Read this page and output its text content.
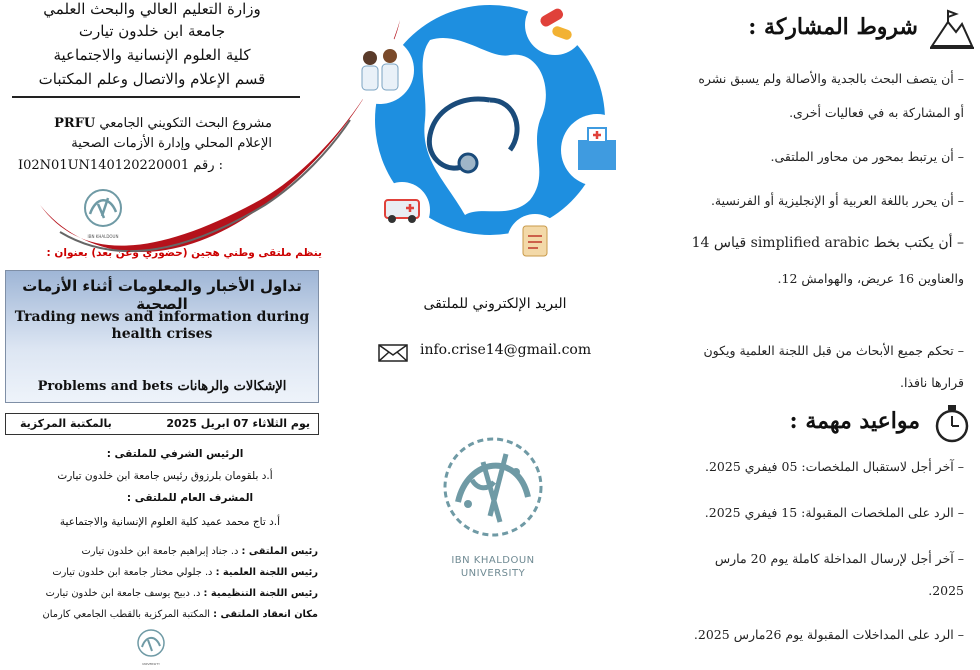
وزارة التعليم العالي والبحث العلمي
جامعة ابن خلدون تيارت
كلية العلوم الإنسانية والاجتماعية
قسم الإعلام والاتصال وعلم المكتبات
مشروع البحث التكويني الجامعي PRFU
الإعلام المحلي وإدارة الأزمات الصحية
I02N01UN140120220001 رقم :
IBN KHALDOUN
ينظم ملتقى وطني هجين (حضوري وعن بعد) بعنوان :
تداول الأخبار والمعلومات أثناء الأزمات الصحية
Trading news and information during health crises
Problems and bets الإشكالات والرهانات
يوم الثلاثاء 07 ابريل 2025
بالمكتبة المركزية
الرئيس الشرفي للملتقى :
أ.د بلقومان بلرزوق رئيس جامعة ابن خلدون تيارت
المشرف العام للملتقى :
أ.د تاج محمد عميد كلية العلوم الإنسانية والاجتماعية
رئيس الملتقى : د. جناد إبراهيم جامعة ابن خلدون تيارت
رئيس اللجنة العلمية : د. جلولي مختار جامعة ابن خلدون تيارت
رئيس اللجنة التنظيمية : د. دبيح يوسف جامعة ابن خلدون تيارت
مكان انعقاد الملتقى : المكتبة المركزية بالقطب الجامعي كارمان
UNIVERSITY
البريد الإلكتروني للملتقى
info.crise14@gmail.com
IBN KHALDOUN
UNIVERSITY
شروط المشاركة :
– أن يتصف البحث بالجدية والأصالة ولم يسبق نشره
أو المشاركة به في فعاليات أخرى.
– أن يرتبط بمحور من محاور الملتقى.
– أن يحرر باللغة العربية أو الإنجليزية أو الفرنسية.
– أن يكتب بخط simplified arabic قياس 14
والعناوين 16 عريض، والهوامش 12.
– تحكم جميع الأبحاث من قبل اللجنة العلمية ويكون
قرارها نافذا.
مواعيد مهمة :
– آخر أجل لاستقبال الملخصات: 05 فيفري 2025.
– الرد على الملخصات المقبولة: 15 فيفري 2025.
– آخر أجل لإرسال المداخلة كاملة يوم 20 مارس
2025.
– الرد على المداخلات المقبولة يوم 26مارس 2025.
